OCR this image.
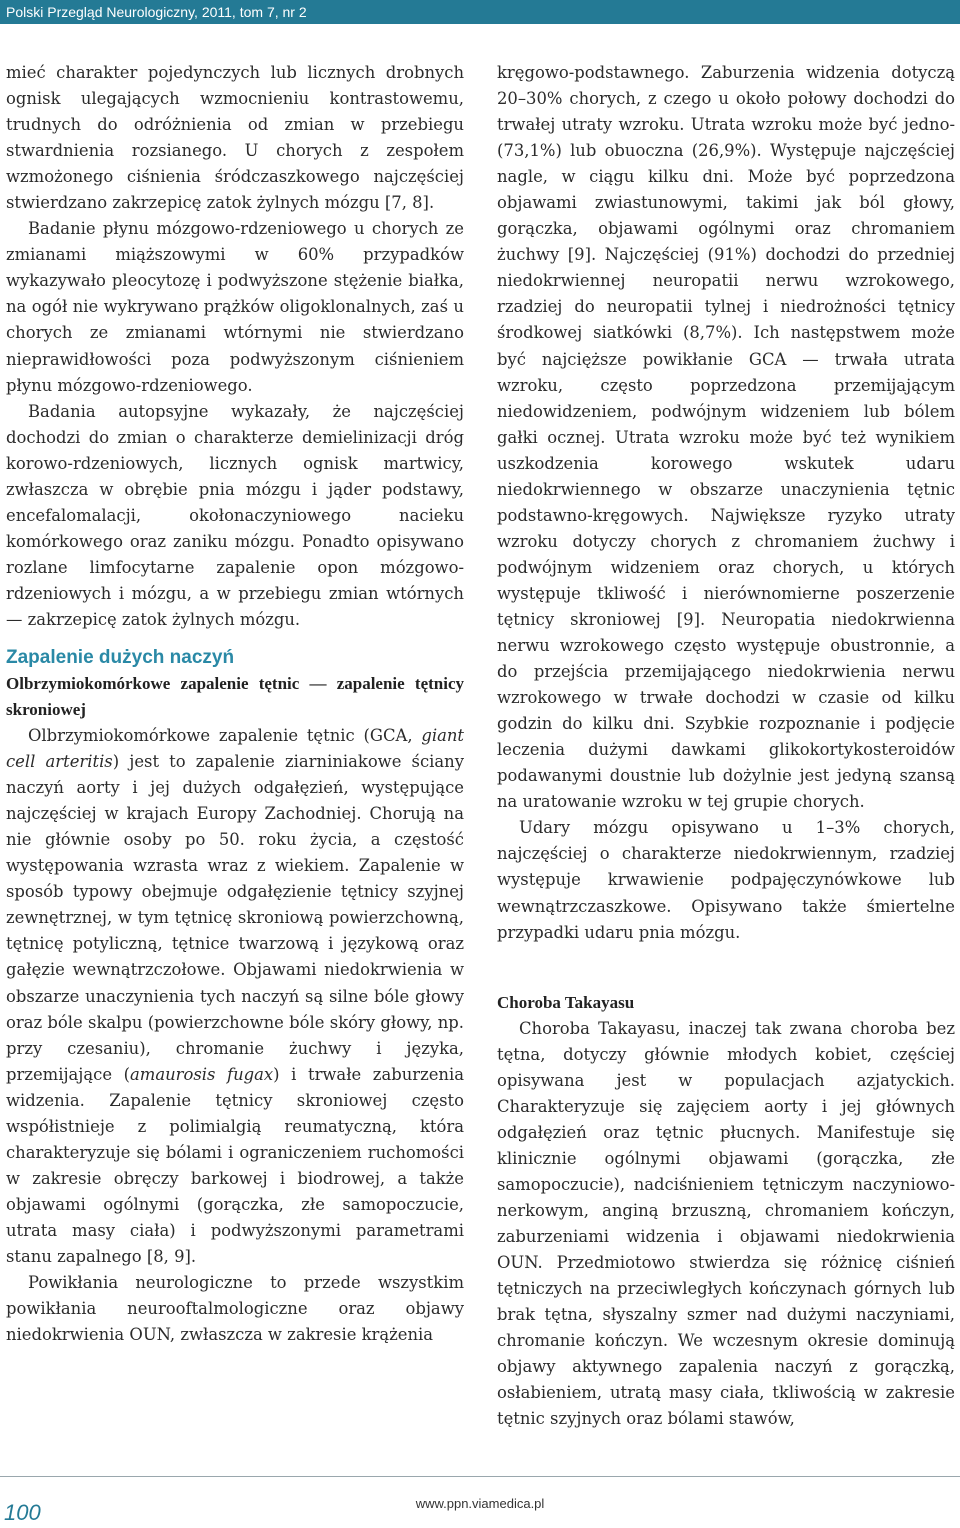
Polski Przegląd Neurologiczny, 2011, tom 7, nr 2

mieć charakter pojedynczych lub licznych drobnych ognisk ulegających wzmocnieniu kontrastowemu, trudnych do odróżnienia od zmian w przebiegu stwardnienia rozsianego. U chorych z zespołem wzmożonego ciśnienia śródczaszkowego najczęściej stwierdzano zakrzepicę zatok żylnych mózgu [7, 8].

Badanie płynu mózgowo-rdzeniowego u chorych ze zmianami miąższowymi w 60% przypadków wykazywało pleocytozę i podwyższone stężenie białka, na ogół nie wykrywano prążków oligoklonalnych, zaś u chorych ze zmianami wtórnymi nie stwierdzano nieprawidłowości poza podwyższonym ciśnieniem płynu mózgowo-rdzeniowego.

Badania autopsyjne wykazały, że najczęściej dochodzi do zmian o charakterze demielinizacji dróg korowo-rdzeniowych, licznych ognisk martwicy, zwłaszcza w obrębie pnia mózgu i jąder podstawy, encefalomalacji, okołonaczyniowego nacieku komórkowego oraz zaniku mózgu. Ponadto opisywano rozlane limfocytarne zapalenie opon mózgowo-rdzeniowych i mózgu, a w przebiegu zmian wtórnych — zakrzepicę zatok żylnych mózgu.

Zapalenie dużych naczyń
Olbrzymiokomórkowe zapalenie tętnic — zapalenie tętnicy skroniowej

Olbrzymiokomórkowe zapalenie tętnic (GCA, giant cell arteritis) jest to zapalenie ziarniniakowe ściany naczyń aorty i jej dużych odgałęzień, występujące najczęściej w krajach Europy Zachodniej. Chorują na nie głównie osoby po 50. roku życia, a częstość występowania wzrasta wraz z wiekiem. Zapalenie w sposób typowy obejmuje odgałęzienie tętnicy szyjnej zewnętrznej, w tym tętnicę skroniową powierzchowną, tętnicę potyliczną, tętnice twarzową i językową oraz gałęzie wewnątrzczołowe. Objawami niedokrwienia w obszarze unaczynienia tych naczyń są silne bóle głowy oraz bóle skalpu (powierzchowne bóle skóry głowy, np. przy czesaniu), chromanie żuchwy i języka, przemijające (amaurosis fugax) i trwałe zaburzenia widzenia. Zapalenie tętnicy skroniowej często współistnieje z polimialgią reumatyczną, która charakteryzuje się bólami i ograniczeniem ruchomości w zakresie obręczy barkowej i biodrowej, a także objawami ogólnymi (gorączka, złe samopoczucie, utrata masy ciała) i podwyższonymi parametrami stanu zapalnego [8, 9].

Powikłania neurologiczne to przede wszystkim powikłania neurooftalmologiczne oraz objawy niedokrwienia OUN, zwłaszcza w zakresie krążenia

kręgowo-podstawnego. Zaburzenia widzenia dotyczą 20–30% chorych, z czego u około połowy dochodzi do trwałej utraty wzroku. Utrata wzroku może być jedno- (73,1%) lub obuoczna (26,9%). Występuje najczęściej nagle, w ciągu kilku dni. Może być poprzedzona objawami zwiastunowymi, takimi jak ból głowy, gorączka, objawami ogólnymi oraz chromaniem żuchwy [9]. Najczęściej (91%) dochodzi do przedniej niedokrwiennej neuropatii nerwu wzrokowego, rzadziej do neuropatii tylnej i niedrożności tętnicy środkowej siatkówki (8,7%). Ich następstwem może być najcięższe powikłanie GCA — trwała utrata wzroku, często poprzedzona przemijającym niedowidzeniem, podwójnym widzeniem lub bólem gałki ocznej. Utrata wzroku może być też wynikiem uszkodzenia korowego wskutek udaru niedokrwiennego w obszarze unaczynienia tętnic podstawno-kręgowych. Największe ryzyko utraty wzroku dotyczy chorych z chromaniem żuchwy i podwójnym widzeniem oraz chorych, u których występuje tkliwość i nierównomierne poszerzenie tętnicy skroniowej [9]. Neuropatia niedokrwienna nerwu wzrokowego często występuje obustronnie, a do przejścia przemijającego niedokrwienia nerwu wzrokowego w trwałe dochodzi w czasie od kilku godzin do kilku dni. Szybkie rozpoznanie i podjęcie leczenia dużymi dawkami glikokortykosteroidów podawanymi doustnie lub dożylnie jest jedyną szansą na uratowanie wzroku w tej grupie chorych.

Udary mózgu opisywano u 1–3% chorych, najczęściej o charakterze niedokrwiennym, rzadziej występuje krwawienie podpajęczynówkowe lub wewnątrzczaszkowe. Opisywano także śmiertelne przypadki udaru pnia mózgu.

Choroba Takayasu

Choroba Takayasu, inaczej tak zwana choroba bez tętna, dotyczy głównie młodych kobiet, częściej opisywana jest w populacjach azjatyckich. Charakteryzuje się zajęciem aorty i jej głównych odgałęzień oraz tętnic płucnych. Manifestuje się klinicznie ogólnymi objawami (gorączka, złe samopoczucie), nadciśnieniem tętniczym naczyniowo-nerkowym, anginą brzuszną, chromaniem kończyn, zaburzeniami widzenia i objawami niedokrwienia OUN. Przedmiotowo stwierdza się różnicę ciśnień tętniczych na przeciwległych kończynach górnych lub brak tętna, słyszalny szmer nad dużymi naczyniami, chromanie kończyn. We wczesnym okresie dominują objawy aktywnego zapalenia naczyń z gorączką, osłabieniem, utratą masy ciała, tkliwością w zakresie tętnic szyjnych oraz bólami stawów,

100	www.ppn.viamedica.pl
